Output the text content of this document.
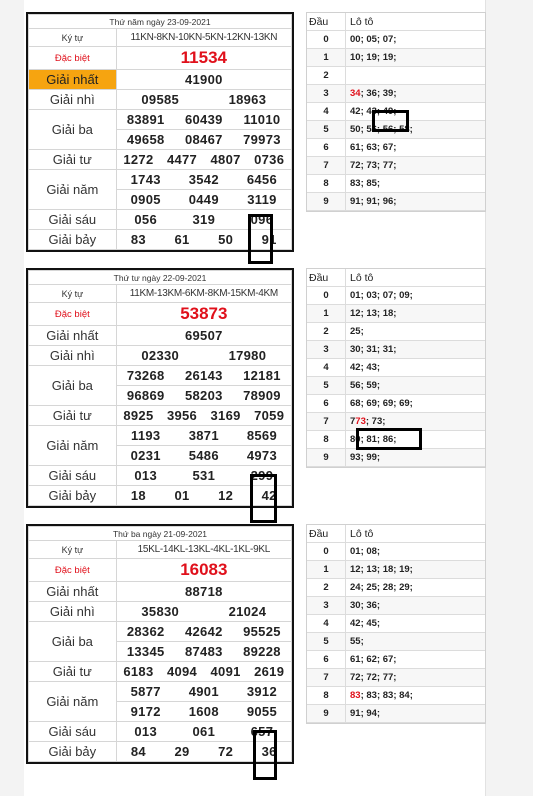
Thứ năm ngày 23-09-2021
Ký tự	11KN-8KN-10KN-5KN-12KN-13KN
Đặc biệt	11534
Giải nhất	41900
Giải nhì		09585	18963

Giải ba	
83891	60439	11010

49658	08467	79973

Giải tư	1272	4477	4807	0736

Giải năm	
1743	3542	6456

0905	0449	3119

Giải sáu		056	319	096

Giải bảy		83	61	50	91
Thứ tư ngày 22-09-2021
Ký tự	11KM-13KM-6KM-8KM-15KM-4KM
Đặc biệt	53873
Giải nhất	69507
Giải nhì		02330	17980

Giải ba	
73268	26143	12181

96869	58203	78909

Giải tư	8925	3956	3169	7059

Giải năm	
1193	3871	8569

0231	5486	4973

Giải sáu		013	531	299

Giải bảy		18	01	12	42
Thứ ba ngày 21-09-2021
Ký tự	15KL-14KL-13KL-4KL-1KL-9KL
Đặc biệt	16083
Giải nhất	88718
Giải nhì		35830	21024

Giải ba	
28362	42642	95525

13345	87483	89228

Giải tư	6183	4094	4091	2619

Giải năm	
5877	4901	3912

9172	1608	9055

Giải sáu		013	061	657

Giải bảy		84	29	72	36
Đầu	Lô tô
0	00; 05; 07;
1	10; 19; 19;
2	
3	34; 36; 39;
4	42; 43; 49;
5	50; 56; 56; 58;
6	61; 63; 67;
7	72; 73; 77;
8	83; 85;
9	91; 91; 96;
Đầu	Lô tô
0	01; 03; 07; 09;
1	12; 13; 18;
2	25;
3	30; 31; 31;
4	42; 43;
5	56; 59;
6	68; 69; 69; 69;
7	773; 73;
8	80; 81; 86;
9	93; 99;
Đầu	Lô tô
0	01; 08;
1	12; 13; 18; 19;
2	24; 25; 28; 29;
3	30; 36;
4	42; 45;
5	55;
6	61; 62; 67;
7	72; 72; 77;
8	83; 83; 83; 84;
9	91; 94;
